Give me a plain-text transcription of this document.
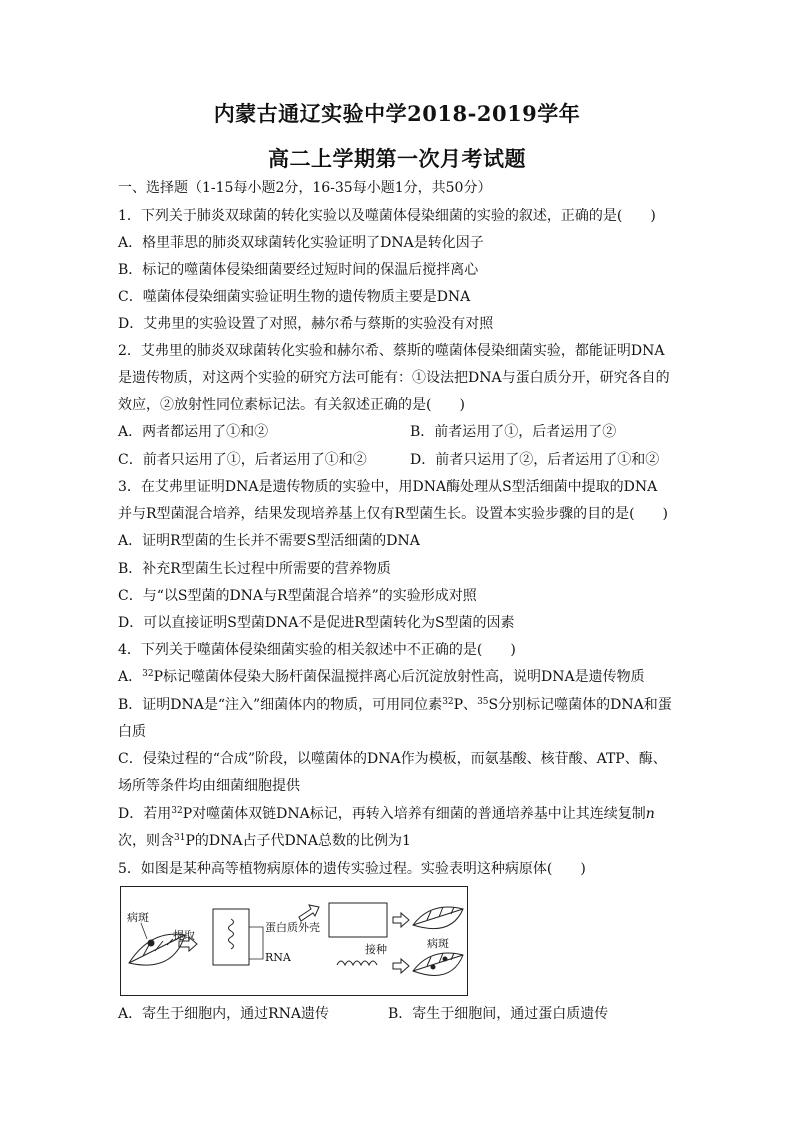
内蒙古通辽实验中学2018-2019学年
高二上学期第一次月考试题
一、选择题（1-15每小题2分，16-35每小题1分，共50分）
1．下列关于肺炎双球菌的转化实验以及噬菌体侵染细菌的实验的叙述，正确的是(　　)
A．格里菲思的肺炎双球菌转化实验证明了DNA是转化因子
B．标记的噬菌体侵染细菌要经过短时间的保温后搅拌离心
C．噬菌体侵染细菌实验证明生物的遗传物质主要是DNA
D．艾弗里的实验设置了对照，赫尔希与蔡斯的实验没有对照
2．艾弗里的肺炎双球菌转化实验和赫尔希、蔡斯的噬菌体侵染细菌实验，都能证明DNA
是遗传物质，对这两个实验的研究方法可能有：①设法把DNA与蛋白质分开，研究各自的
效应，②放射性同位素标记法。有关叙述正确的是(　　)
A．两者都运用了①和②	B．前者运用了①，后者运用了②
C．前者只运用了①，后者运用了①和②	D．前者只运用了②，后者运用了①和②
3．在艾弗里证明DNA是遗传物质的实验中，用DNA酶处理从S型活细菌中提取的DNA
并与R型菌混合培养，结果发现培养基上仅有R型菌生长。设置本实验步骤的目的是(　　)
A．证明R型菌的生长并不需要S型活细菌的DNA
B．补充R型菌生长过程中所需要的营养物质
C．与“以S型菌的DNA与R型菌混合培养”的实验形成对照
D．可以直接证明S型菌DNA不是促进R型菌转化为S型菌的因素
4．下列关于噬菌体侵染细菌实验的相关叙述中不正确的是(　　)
A．$^{32}$P标记噬菌体侵染大肠杆菌保温搅拌离心后沉淀放射性高，说明DNA是遗传物质
B．证明DNA是“注入”细菌体内的物质，可用同位素$^{32}$P、$^{35}$S分别标记噬菌体的DNA和蛋
白质
C．侵染过程的“合成”阶段，以噬菌体的DNA作为模板，而氨基酸、核苷酸、ATP、酶、
场所等条件均由细菌细胞提供
D．若用$^{32}$P对噬菌体双链DNA标记，再转入培养有细菌的普通培养基中让其连续复制n
次，则含$^{31}$P的DNA占子代DNA总数的比例为1
5．如图是某种高等植物病原体的遗传实验过程。实验表明这种病原体(　　)
病斑
提取
蛋白质外壳
RNA
接种	病斑
A．寄生于细胞内，通过RNA遗传	B．寄生于细胞间，通过蛋白质遗传
